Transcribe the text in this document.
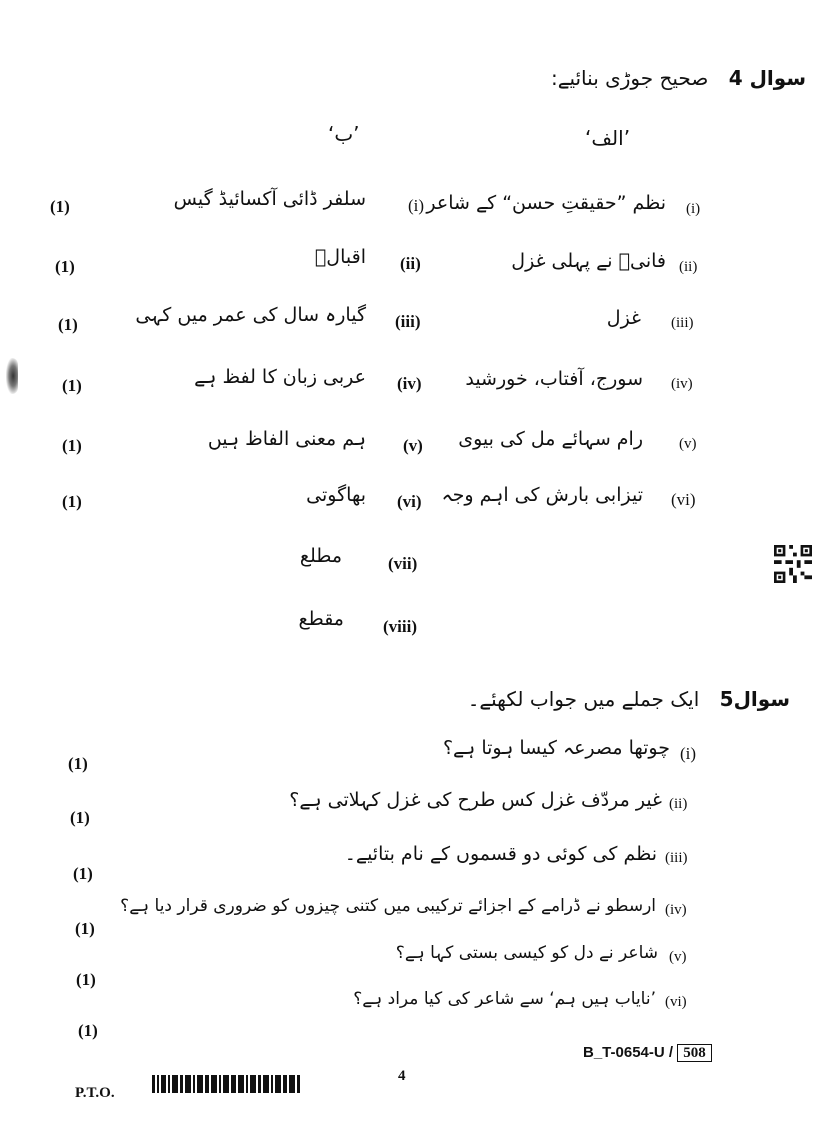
سوال 4 صحیح جوڑی بنائیے:
’الف‘
’ب‘
(i)
نظم ”حقیقتِ حسن“ کے شاعر
(ii)
فانیؔ نے پہلی غزل
(iii)
غزل
(iv)
سورج، آفتاب، خورشید
(v)
رام سہائے مل کی بیوی
(vi)
تیزابی بارش کی اہم وجہ
(i)
سلفر ڈائی آکسائیڈ گیس
(ii)
اقبالؔ
(iii)
گیارہ سال کی عمر میں کہی
(iv)
عربی زبان کا لفظ ہے
(v)
ہم معنی الفاظ ہیں
(vi)
بھاگوتی
(vii)
مطلع
(viii)
مقطع
(1)
(1)
(1)
(1)
(1)
(1)
سوال5 ایک جملے میں جواب لکھئے۔
(i)
چوتھا مصرعہ کیسا ہوتا ہے؟
(ii)
غیر مردّف غزل کس طرح کی غزل کہلاتی ہے؟
(iii)
نظم کی کوئی دو قسموں کے نام بتائیے۔
(iv)
ارسطو نے ڈرامے کے اجزائے ترکیبی میں کتنی چیزوں کو ضروری قرار دیا ہے؟
(v)
شاعر نے دل کو کیسی بستی کہا ہے؟
(vi)
’نایاب ہیں ہم‘ سے شاعر کی کیا مراد ہے؟
(1)
(1)
(1)
(1)
(1)
(1)
B_T-0654-U / 508
4
P.T.O.
